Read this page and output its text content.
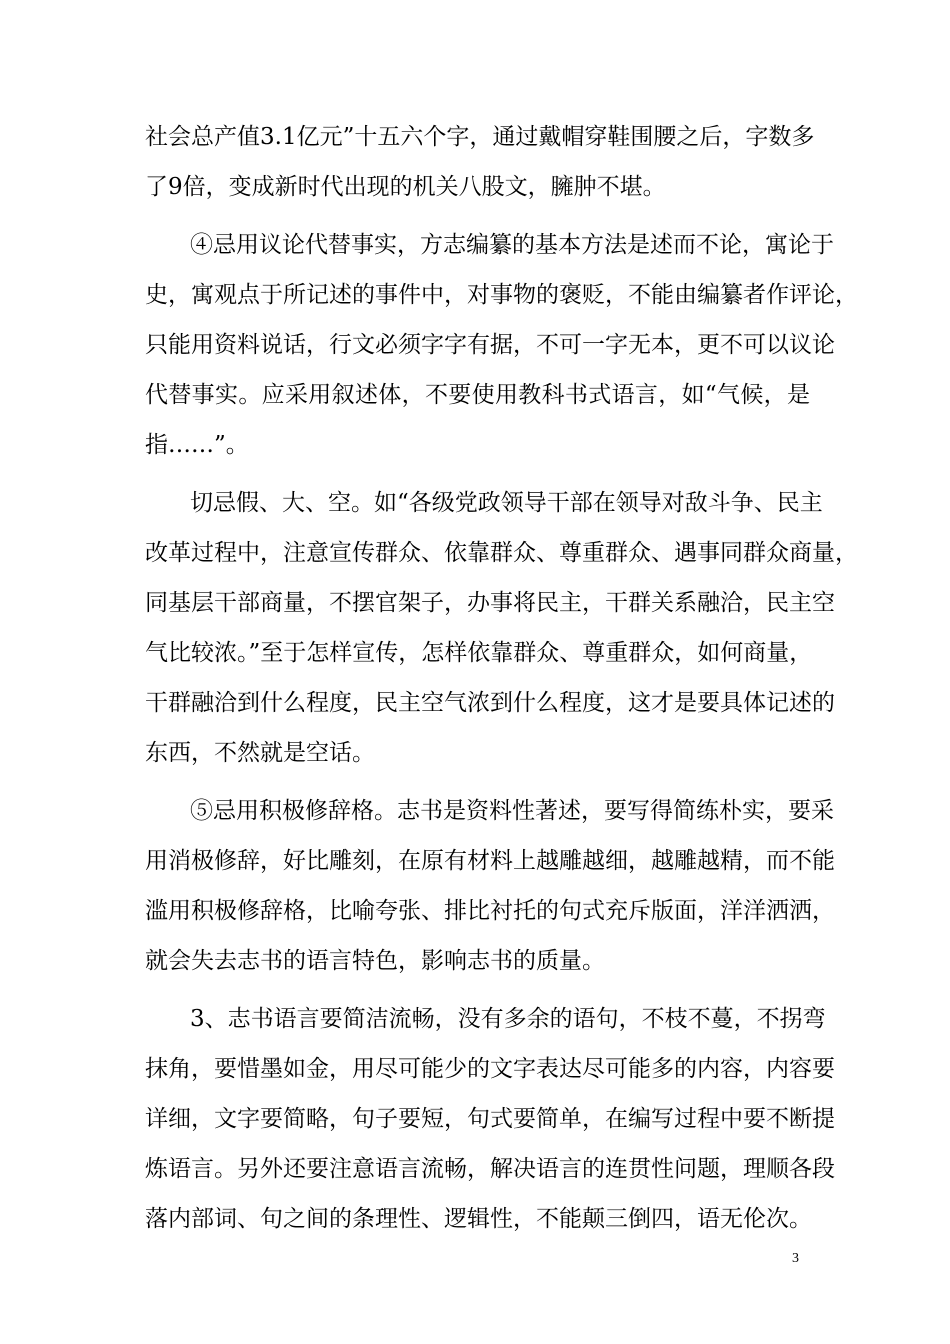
社会总产值3.1亿元”十五六个字，通过戴帽穿鞋围腰之后，字数多
了9倍，变成新时代出现的机关八股文，臃肿不堪。
④忌用议论代替事实，方志编纂的基本方法是述而不论，寓论于
史，寓观点于所记述的事件中，对事物的褒贬，不能由编纂者作评论，
只能用资料说话，行文必须字字有据，不可一字无本，更不可以议论
代替事实。应采用叙述体，不要使用教科书式语言，如“气候，是
指……”。
切忌假、大、空。如“各级党政领导干部在领导对敌斗争、民主
改革过程中，注意宣传群众、依靠群众、尊重群众、遇事同群众商量，
同基层干部商量，不摆官架子，办事将民主，干群关系融洽，民主空
气比较浓。”至于怎样宣传，怎样依靠群众、尊重群众，如何商量，
干群融洽到什么程度，民主空气浓到什么程度，这才是要具体记述的
东西，不然就是空话。
⑤忌用积极修辞格。志书是资料性著述，要写得简练朴实，要采
用消极修辞，好比雕刻，在原有材料上越雕越细，越雕越精，而不能
滥用积极修辞格，比喻夸张、排比衬托的句式充斥版面，洋洋洒洒，
就会失去志书的语言特色，影响志书的质量。
3、志书语言要简洁流畅，没有多余的语句，不枝不蔓，不拐弯
抹角，要惜墨如金，用尽可能少的文字表达尽可能多的内容，内容要
详细，文字要简略，句子要短，句式要简单，在编写过程中要不断提
炼语言。另外还要注意语言流畅，解决语言的连贯性问题，理顺各段
落内部词、句之间的条理性、逻辑性，不能颠三倒四，语无伦次。
3
